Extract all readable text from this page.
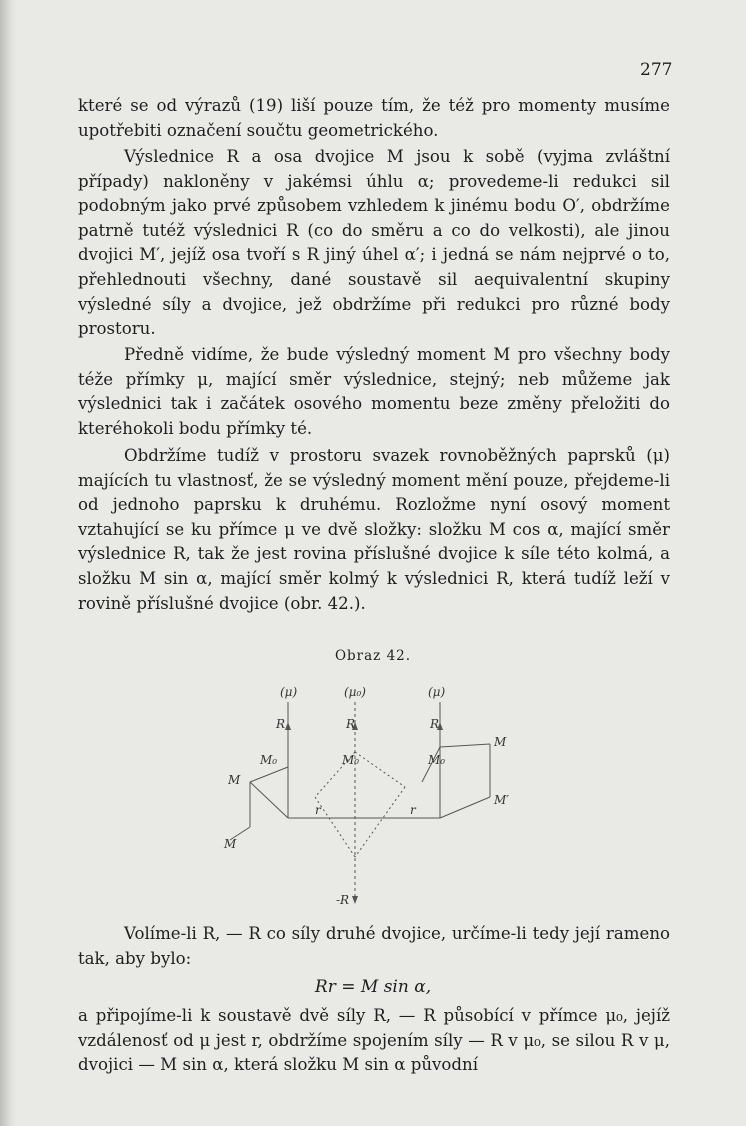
277

které se od výrazů (19) liší pouze tím, že též pro momenty musíme upotřebiti označení součtu geometrického.

Výslednice R a osa dvojice M jsou k sobě (vyjma zvláštní případy) nakloněny v jakémsi úhlu α; provedeme-li redukci sil podobným jako prvé způsobem vzhledem k jinému bodu O′, obdržíme patrně tutéž výslednici R (co do směru a co do velkosti), ale jinou dvojici M′, jejíž osa tvoří s R jiný úhel α′; i jedná se nám nejprvé o to, přehlednouti všechny, dané soustavě sil aequivalentní skupiny výsledné síly a dvojice, jež obdržíme při redukci pro různé body prostoru.

Předně vidíme, že bude výsledný moment M pro všechny body téže přímky μ, mající směr výslednice, stejný; neb můžeme jak výslednici tak i začátek osového momentu beze změny přeložiti do kteréhokoli bodu přímky té.

Obdržíme tudíž v prostoru svazek rovnoběžných paprsků (μ) majících tu vlastnosť, že se výsledný moment mění pouze, přejdeme-li od jednoho paprsku k druhému. Rozložme nyní osový moment vztahující se ku přímce μ ve dvě složky: složku M cos α, mající směr výslednice R, tak že jest rovina příslušné dvojice k síle této kolmá, a složku M sin α, mající směr kolmý k výslednici R, která tudíž leží v rovině příslušné dvojice (obr. 42.).

Obraz 42.
(μ)	(μ₀)	(μ)
R	R	R
M₀	M₀	M₀
M
M
M′
M
r	r
-R

Volíme-li R, — R co síly druhé dvojice, určíme-li tedy její rameno tak, aby bylo:

Rr = M sin α,

a připojíme-li k soustavě dvě síly R, — R působící v přímce μ₀, jejíž vzdálenosť od μ jest r, obdržíme spojením síly — R v μ₀, se silou R v μ, dvojici — M sin α, která složku M sin α původní
